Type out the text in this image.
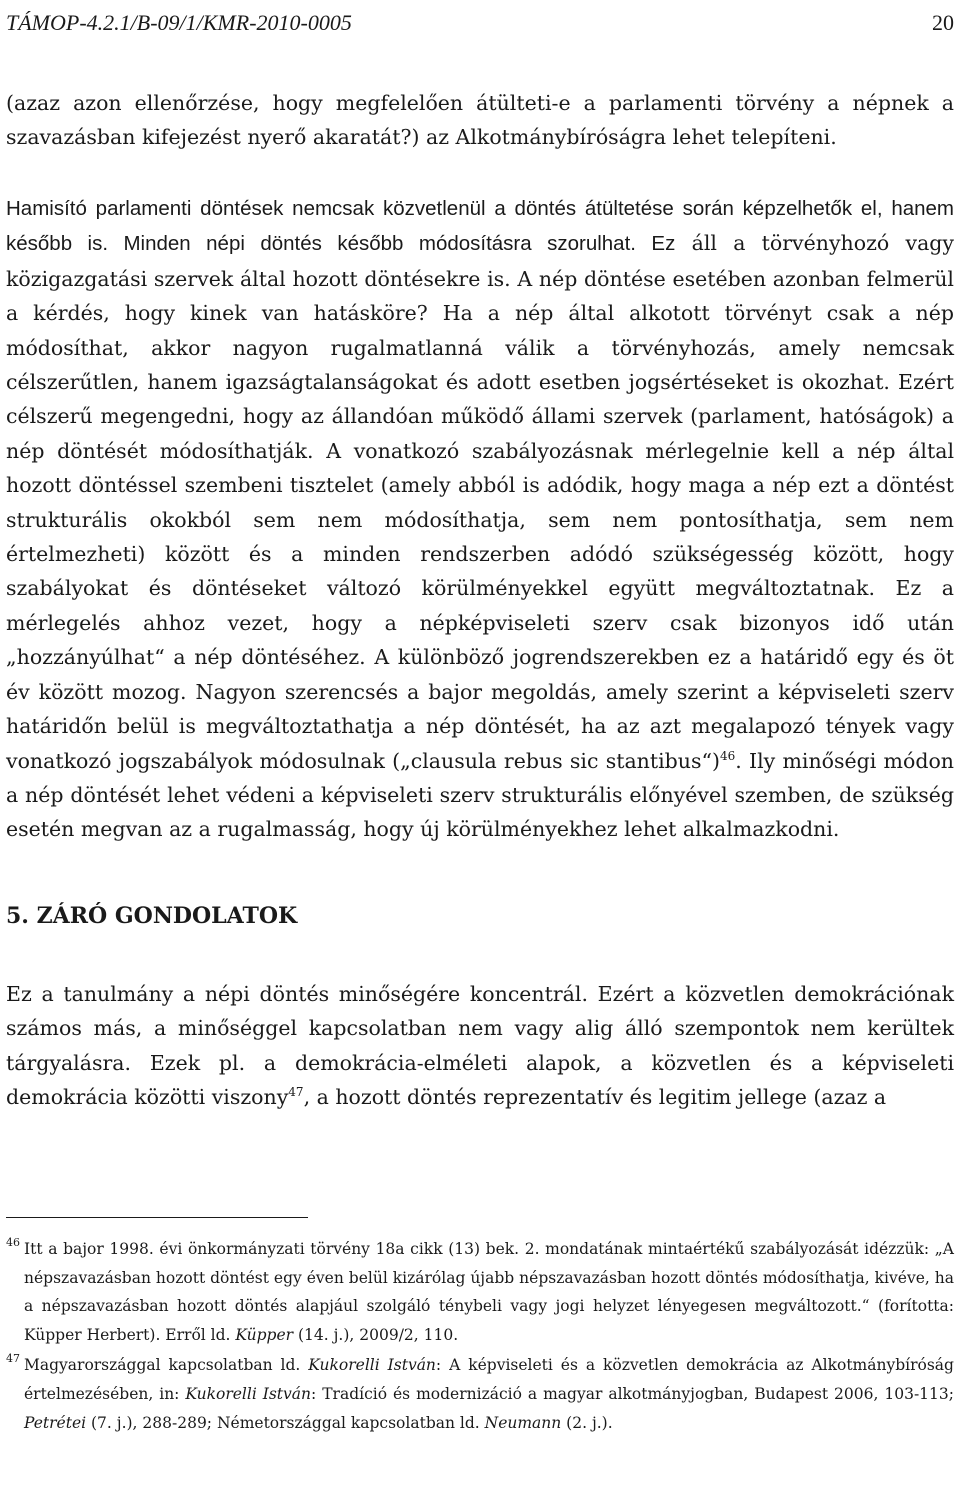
TÁMOP-4.2.1/B-09/1/KMR-2010-0005	20

(azaz azon ellenőrzése, hogy megfelelően átülteti-e a parlamenti törvény a népnek a szavazásban kifejezést nyerő akaratát?) az Alkotmánybíróságra lehet telepíteni.

Hamisító parlamenti döntések nemcsak közvetlenül a döntés átültetése során képzelhetők el, hanem később is. Minden népi döntés később módosításra szorulhat. Ez áll a törvényhozó vagy közigazgatási szervek által hozott döntésekre is. A nép döntése esetében azonban felmerül a kérdés, hogy kinek van hatásköre? Ha a nép által alkotott törvényt csak a nép módosíthat, akkor nagyon rugalmatlanná válik a törvényhozás, amely nemcsak célszerűtlen, hanem igazságtalanságokat és adott esetben jogsértéseket is okozhat. Ezért célszerű megengedni, hogy az állandóan működő állami szervek (parlament, hatóságok) a nép döntését módosíthatják. A vonatkozó szabályozásnak mérlegelnie kell a nép által hozott döntéssel szembeni tisztelet (amely abból is adódik, hogy maga a nép ezt a döntést strukturális okokból sem nem módosíthatja, sem nem pontosíthatja, sem nem értelmezheti) között és a minden rendszerben adódó szükségesség között, hogy szabályokat és döntéseket változó körülményekkel együtt megváltoztatnak. Ez a mérlegelés ahhoz vezet, hogy a népképviseleti szerv csak bizonyos idő után „hozzányúlhat“ a nép döntéséhez. A különböző jogrendszerekben ez a határidő egy és öt év között mozog. Nagyon szerencsés a bajor megoldás, amely szerint a képviseleti szerv határidőn belül is megváltoztathatja a nép döntését, ha az azt megalapozó tények vagy vonatkozó jogszabályok módosulnak („clausula rebus sic stantibus“)$^{46}$. Ily minőségi módon a nép döntését lehet védeni a képviseleti szerv strukturális előnyével szemben, de szükség esetén megvan az a rugalmasság, hogy új körülményekhez lehet alkalmazkodni.

5. ZÁRÓ GONDOLATOK

Ez a tanulmány a népi döntés minőségére koncentrál. Ezért a közvetlen demokrációnak számos más, a minőséggel kapcsolatban nem vagy alig álló szempontok nem kerültek tárgyalásra. Ezek pl. a demokrácia-elméleti alapok, a közvetlen és a képviseleti demokrácia közötti viszony$^{47}$, a hozott döntés reprezentatív és legitim jellege (azaz a

46 Itt a bajor 1998. évi önkormányzati törvény 18a cikk (13) bek. 2. mondatának mintaértékű szabályozását idézzük: „A népszavazásban hozott döntést egy éven belül kizárólag újabb népszavazásban hozott döntés módosíthatja, kivéve, ha a népszavazásban hozott döntés alapjául szolgáló ténybeli vagy jogi helyzet lényegesen megváltozott.“ (forította: Küpper Herbert). Erről ld. Küpper (14. j.), 2009/2, 110.

47 Magyarországgal kapcsolatban ld. Kukorelli István: A képviseleti és a közvetlen demokrácia az Alkotmánybíróság értelmezésében, in: Kukorelli István: Tradíció és modernizáció a magyar alkotmányjogban, Budapest 2006, 103-113; Petrétei (7. j.), 288-289; Németországgal kapcsolatban ld. Neumann (2. j.).
